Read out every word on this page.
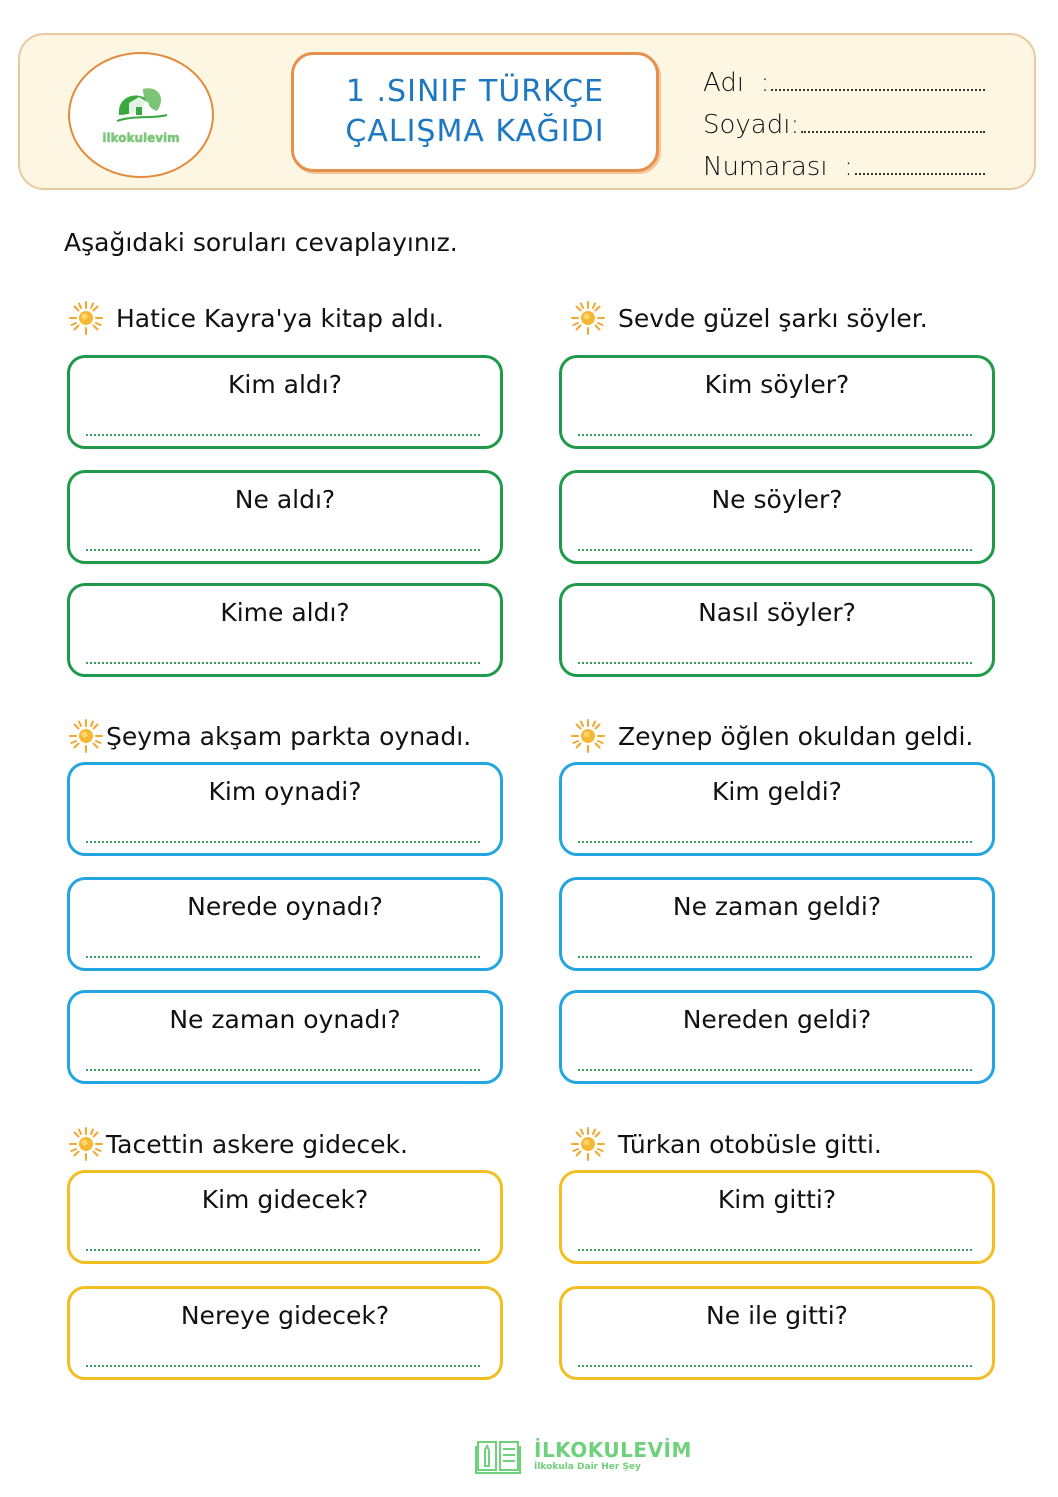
ilkokulevim
1 .SINIF TÜRKÇE
ÇALIŞMA KAĞIDI
Adı  :
Soyadı:
Numarası  :
Aşağıdaki soruları cevaplayınız.
Hatice Kayra'ya kitap aldı.
Kim aldı?
Ne aldı?
Kime aldı?
Sevde güzel şarkı söyler.
Kim söyler?
Ne söyler?
Nasıl söyler?
Şeyma akşam parkta oynadı.
Kim oynadi?
Nerede oynadı?
Ne zaman oynadı?
Zeynep öğlen okuldan geldi.
Kim geldi?
Ne zaman geldi?
Nereden geldi?
Tacettin askere gidecek.
Kim gidecek?
Nereye gidecek?
Türkan otobüsle gitti.
Kim gitti?
Ne ile gitti?
İLKOKULEVİM
İlkokula Dair Her Şey
